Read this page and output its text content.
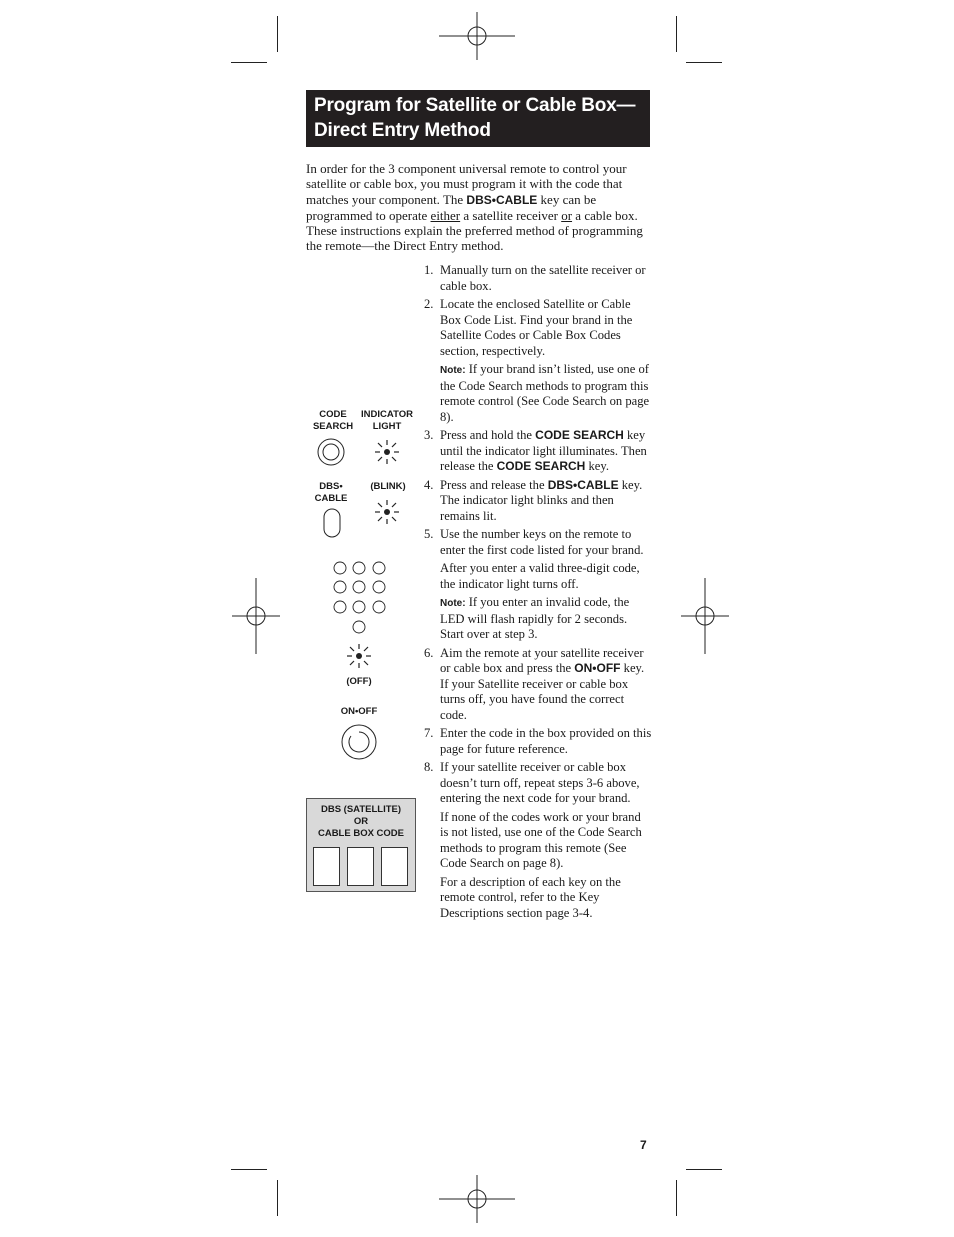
Program for Satellite or Cable Box—
Direct Entry Method
In order for the 3 component universal remote to control your satellite or cable box, you must program it with the code that matches your component. The DBS•CABLE key can be programmed to operate either a satellite receiver or a cable box. These instructions explain the preferred method of programming the remote—the Direct Entry method.
1. Manually turn on the satellite receiver or cable box.
2. Locate the enclosed Satellite or Cable Box Code List. Find your brand in the Satellite Codes or Cable Box Codes section, respectively.
Note: If your brand isn’t listed, use one of the Code Search methods to program this remote control (See Code Search on page 8).
3. Press and hold the CODE SEARCH key until the indicator light illuminates. Then release the CODE SEARCH key.
4. Press and release the DBS•CABLE key. The indicator light blinks and then remains lit.
5. Use the number keys on the remote to enter the first code listed for your brand.
After you enter a valid three-digit code, the indicator light turns off.
Note: If you enter an invalid code, the LED will flash rapidly for 2 seconds. Start over at step 3.
6. Aim the remote at your satellite receiver or cable box and press the ON•OFF key. If your Satellite receiver or cable box turns off, you have found the correct code.
7. Enter the code in the box provided on this page for future reference.
8. If your satellite receiver or cable box doesn’t turn off, repeat steps 3-6 above, entering the next code for your brand.
If none of the codes work or your brand is not listed, use one of the Code Search methods to program this remote (See Code Search on page 8).
For a description of each key on the remote control, refer to the Key Descriptions section page 3-4.
CODE
SEARCH
INDICATOR
LIGHT
DBS•
CABLE
(BLINK)
(OFF)
ON•OFF
DBS (SATELLITE)
OR
CABLE BOX CODE
7
